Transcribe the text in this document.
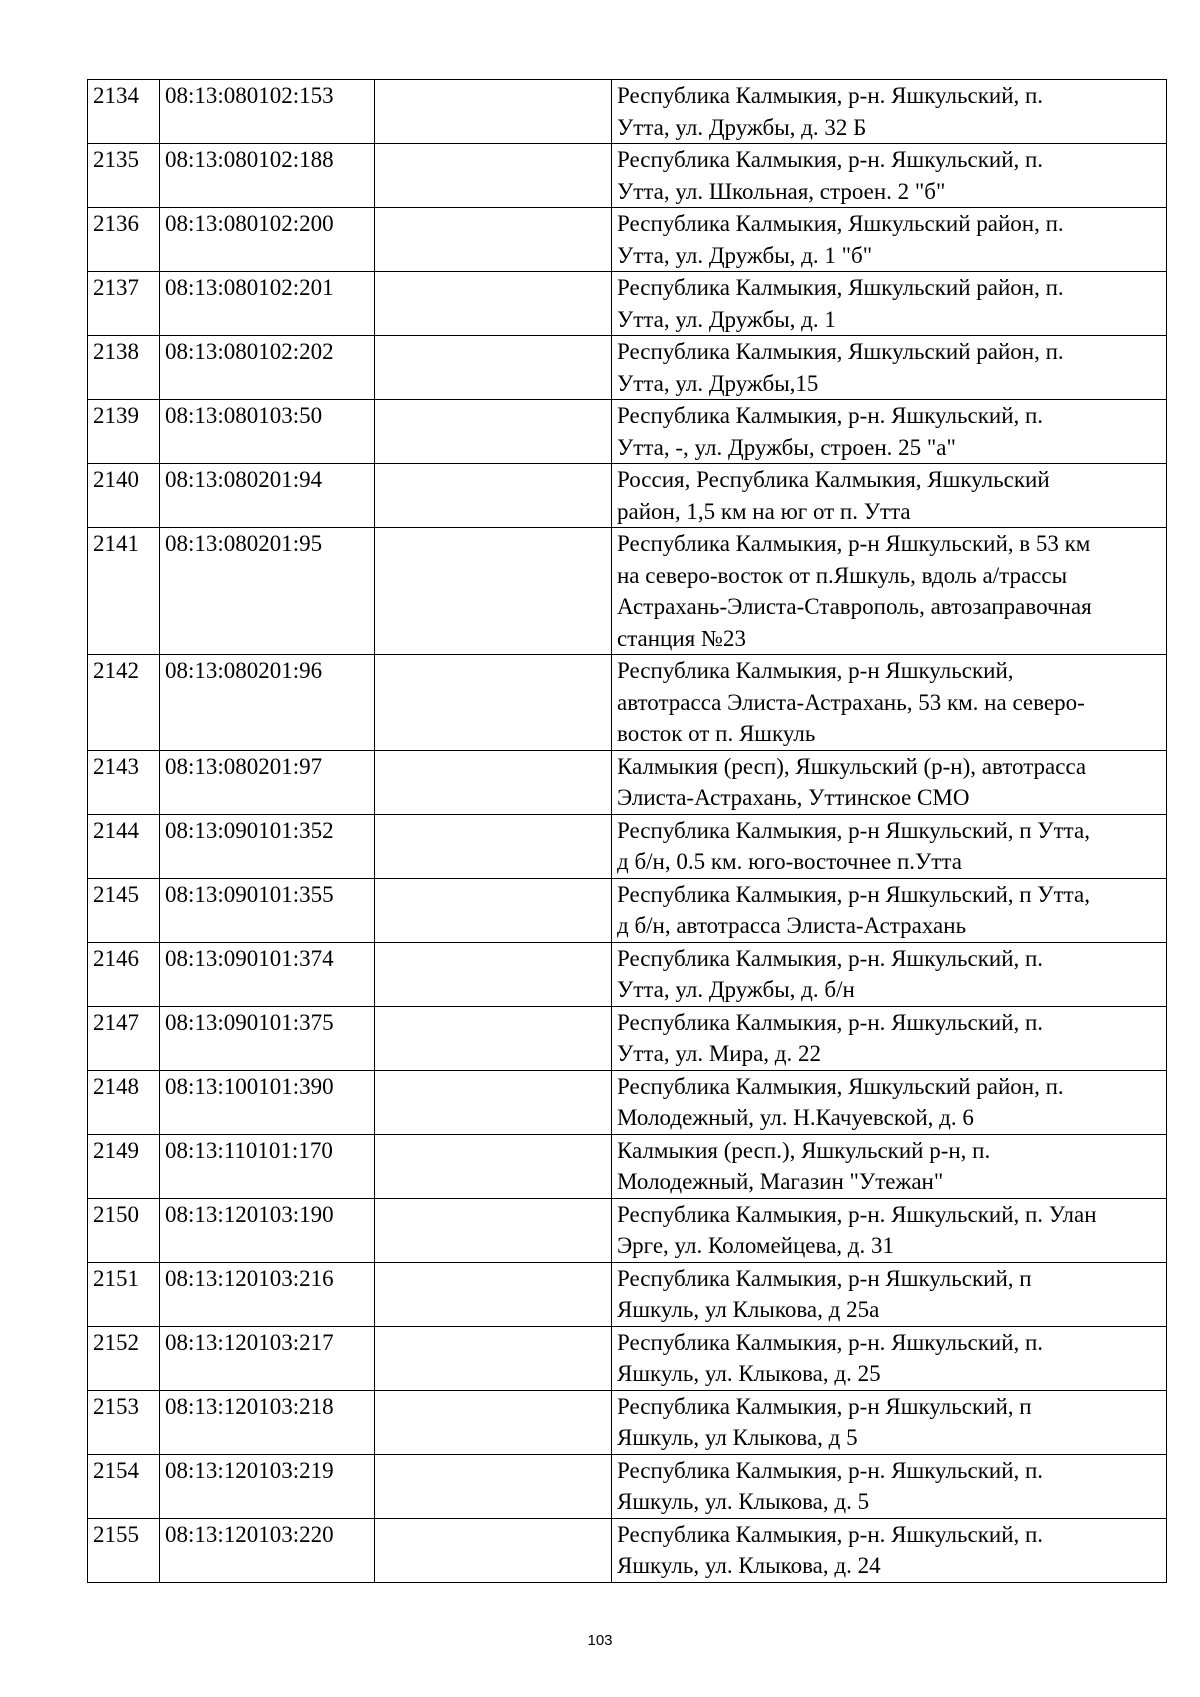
2134	08:13:080102:153		Республика Калмыкия, р-н. Яшкульский, п.
Утта, ул. Дружбы, д. 32 Б
2135	08:13:080102:188		Республика Калмыкия, р-н. Яшкульский, п.
Утта, ул. Школьная, строен. 2 "б"
2136	08:13:080102:200		Республика Калмыкия, Яшкульский район, п.
Утта, ул. Дружбы, д. 1 "б"
2137	08:13:080102:201		Республика Калмыкия, Яшкульский район, п.
Утта, ул. Дружбы, д. 1
2138	08:13:080102:202		Республика Калмыкия, Яшкульский район, п.
Утта, ул. Дружбы,15
2139	08:13:080103:50		Республика Калмыкия, р-н. Яшкульский, п.
Утта, -, ул. Дружбы, строен. 25 "а"
2140	08:13:080201:94		Россия, Республика Калмыкия, Яшкульский
район, 1,5 км на юг от п. Утта
2141	08:13:080201:95		Республика Калмыкия, р-н Яшкульский, в 53 км
на северо-восток от п.Яшкуль, вдоль а/трассы
Астрахань-Элиста-Ставрополь, автозаправочная
станция №23
2142	08:13:080201:96		Республика Калмыкия, р-н Яшкульский,
автотрасса Элиста-Астрахань, 53 км. на северо-
восток от п. Яшкуль
2143	08:13:080201:97		Калмыкия (респ), Яшкульский (р-н), автотрасса
Элиста-Астрахань, Уттинское СМО

2144	08:13:090101:352		Республика Калмыкия, р-н Яшкульский, п Утта,
д б/н, 0.5 км. юго-восточнее п.Утта
2145	08:13:090101:355		Республика Калмыкия, р-н Яшкульский, п Утта,
д б/н, автотрасса Элиста-Астрахань
2146	08:13:090101:374		Республика Калмыкия, р-н. Яшкульский, п.
Утта, ул. Дружбы, д. б/н
2147	08:13:090101:375		Республика Калмыкия, р-н. Яшкульский, п.
Утта, ул. Мира, д. 22
2148	08:13:100101:390		Республика Калмыкия, Яшкульский район, п.
Молодежный, ул. Н.Качуевской, д. 6
2149	08:13:110101:170		Калмыкия (респ.), Яшкульский р-н, п.
Молодежный, Магазин "Утежан"
2150	08:13:120103:190		Республика Калмыкия, р-н. Яшкульский, п. Улан
Эрге, ул. Коломейцева, д. 31
2151	08:13:120103:216		Республика Калмыкия, р-н Яшкульский, п
Яшкуль, ул Клыкова, д 25а
2152	08:13:120103:217		Республика Калмыкия, р-н. Яшкульский, п.
Яшкуль, ул. Клыкова, д. 25
2153	08:13:120103:218		Республика Калмыкия, р-н Яшкульский, п
Яшкуль, ул Клыкова, д 5
2154	08:13:120103:219		Республика Калмыкия, р-н. Яшкульский, п.
Яшкуль, ул. Клыкова, д. 5
2155	08:13:120103:220		Республика Калмыкия, р-н. Яшкульский, п.
Яшкуль, ул. Клыкова, д. 24
103
